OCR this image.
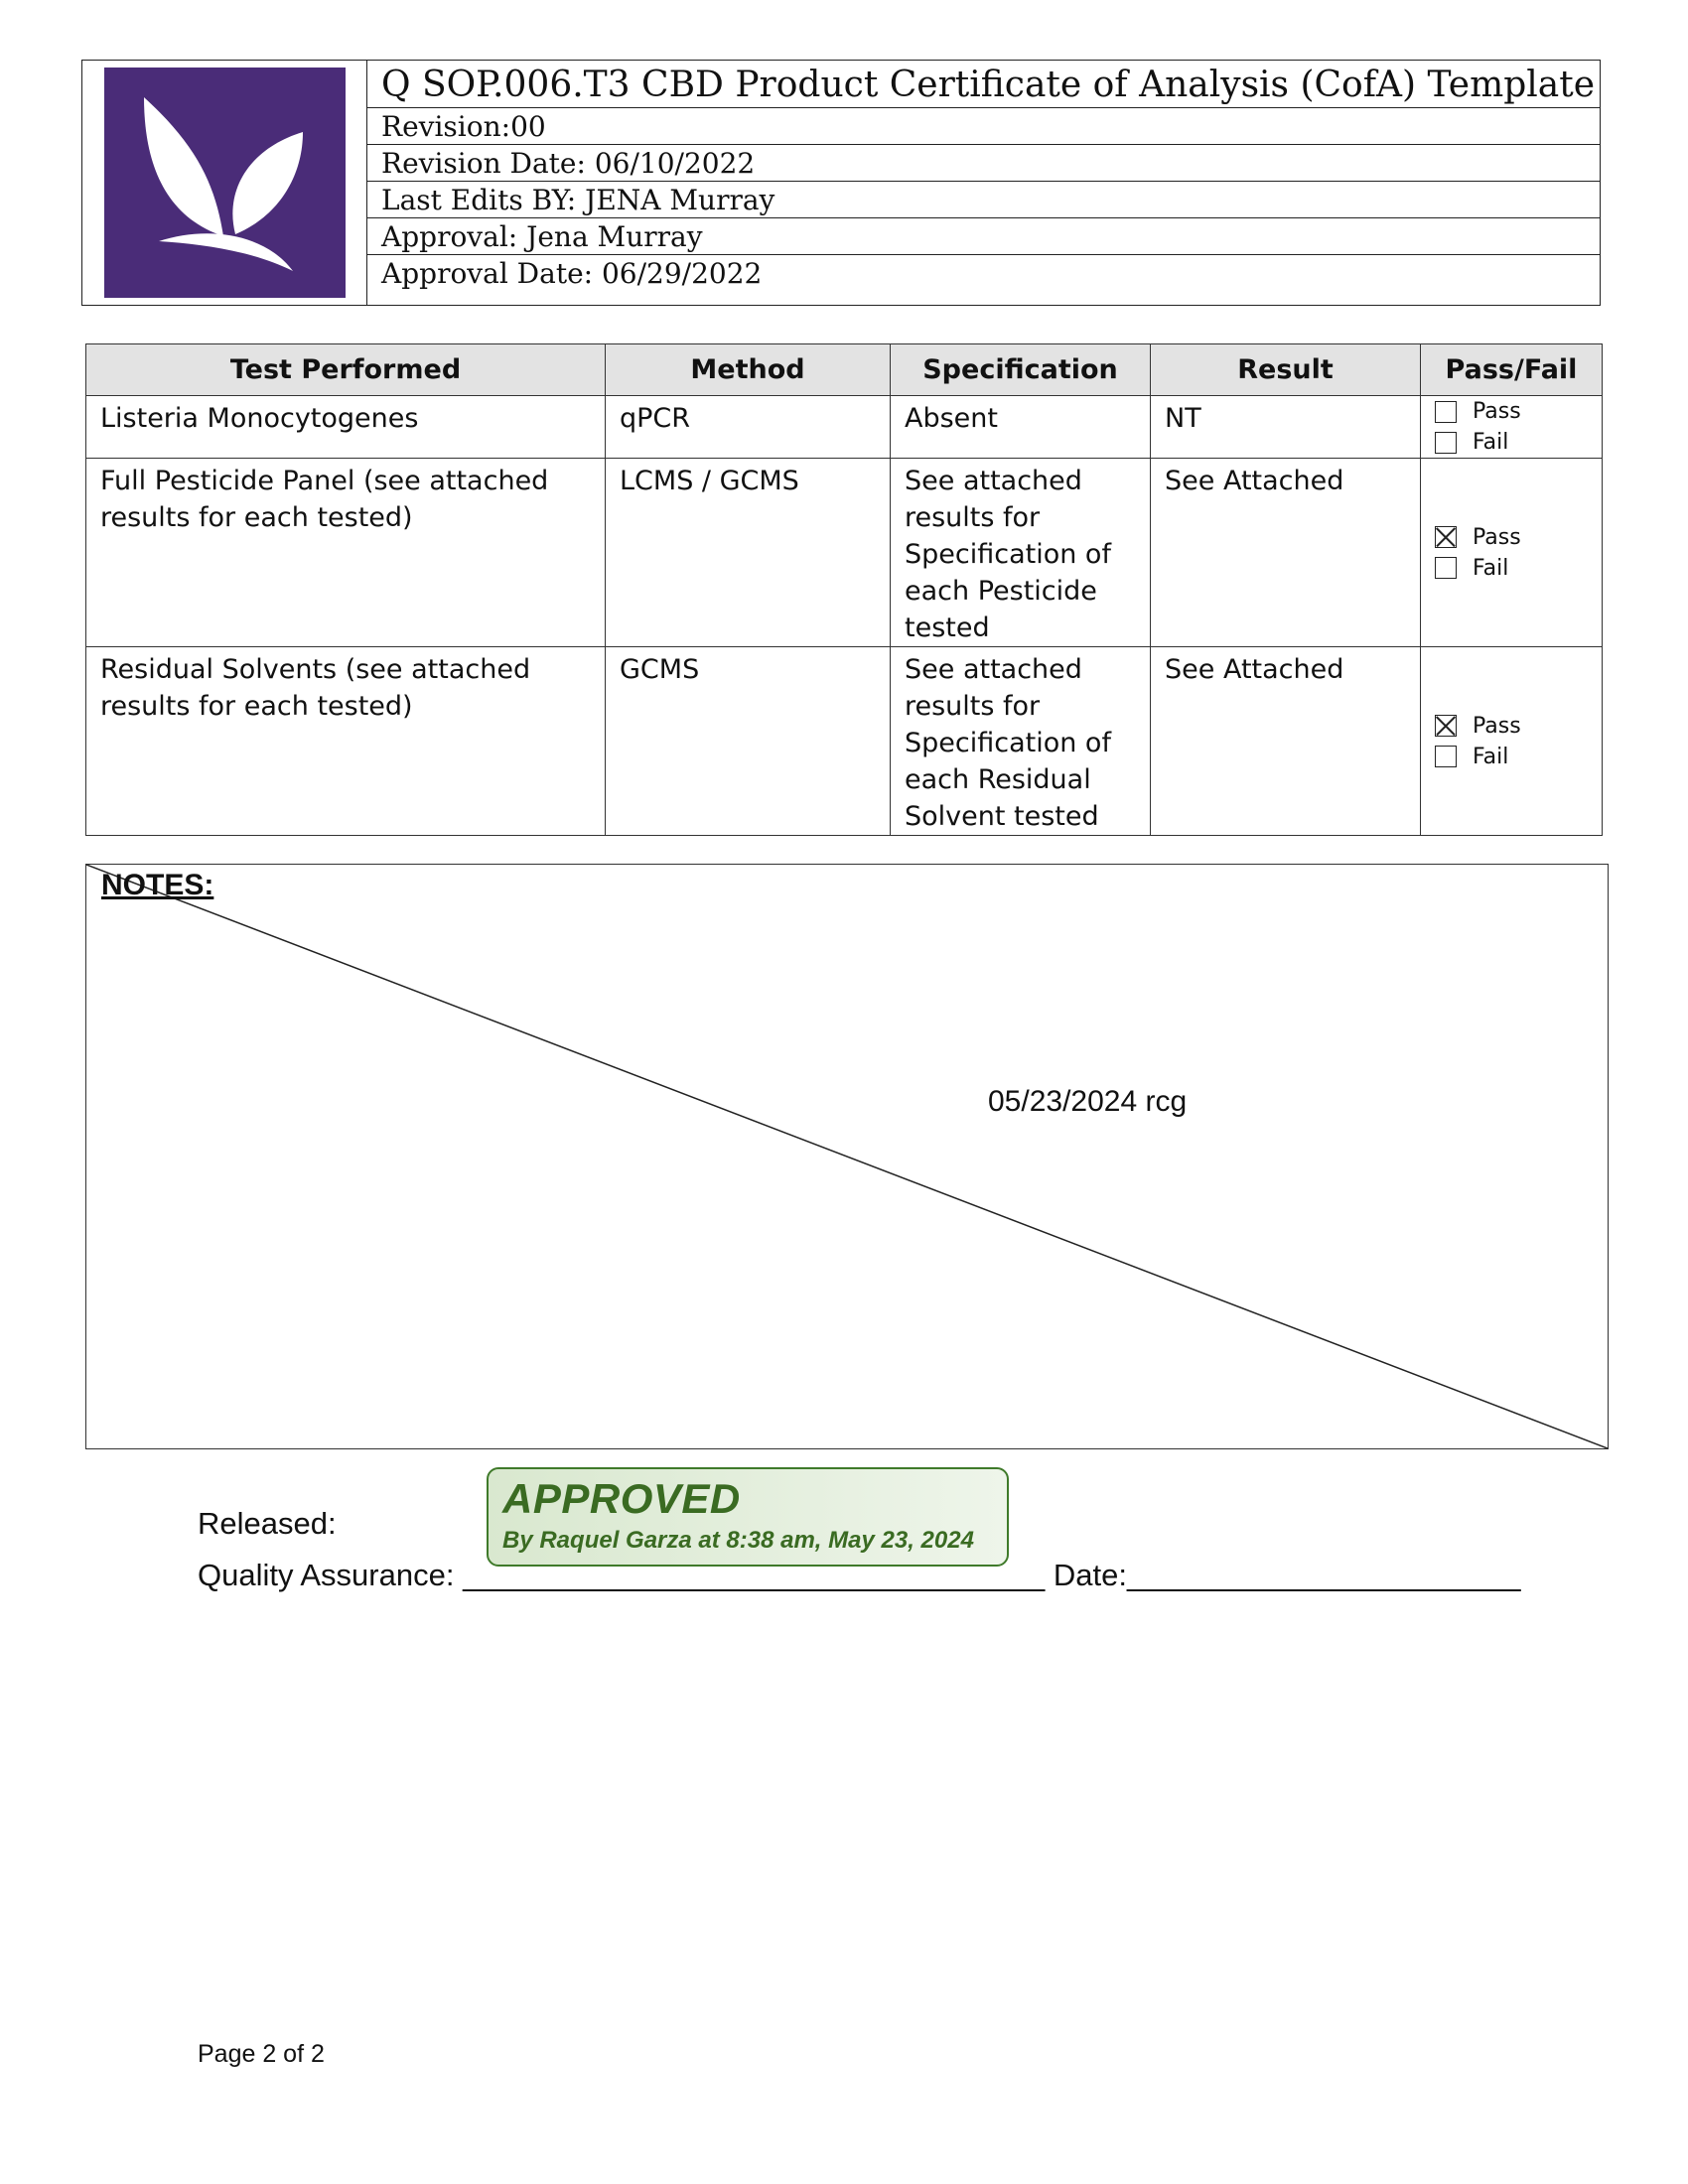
Q SOP.006.T3 CBD Product Certificate of Analysis (CofA) Template
Revision:00
Revision Date: 06/10/2022
Last Edits BY: JENA Murray
Approval: Jena Murray
Approval Date: 06/29/2022
Test Performed	Method	Specification	Result	Pass/Fail
Listeria Monocytogenes	qPCR	Absent	NT	Pass
Fail

Full Pesticide Panel (see attached results for each tested)	LCMS / GCMS	See attached results for Specification of each Pesticide tested	See Attached	Pass
Fail

Residual Solvents (see attached results for each tested)	GCMS	See attached results for Specification of each Residual Solvent tested	See Attached	Pass
Fail
NOTES:
05/23/2024 rcg
Released:
APPROVED
By Raquel Garza at 8:38 am, May 23, 2024
Quality Assurance: __________________________________ Date:_______________________
Page 2 of 2
